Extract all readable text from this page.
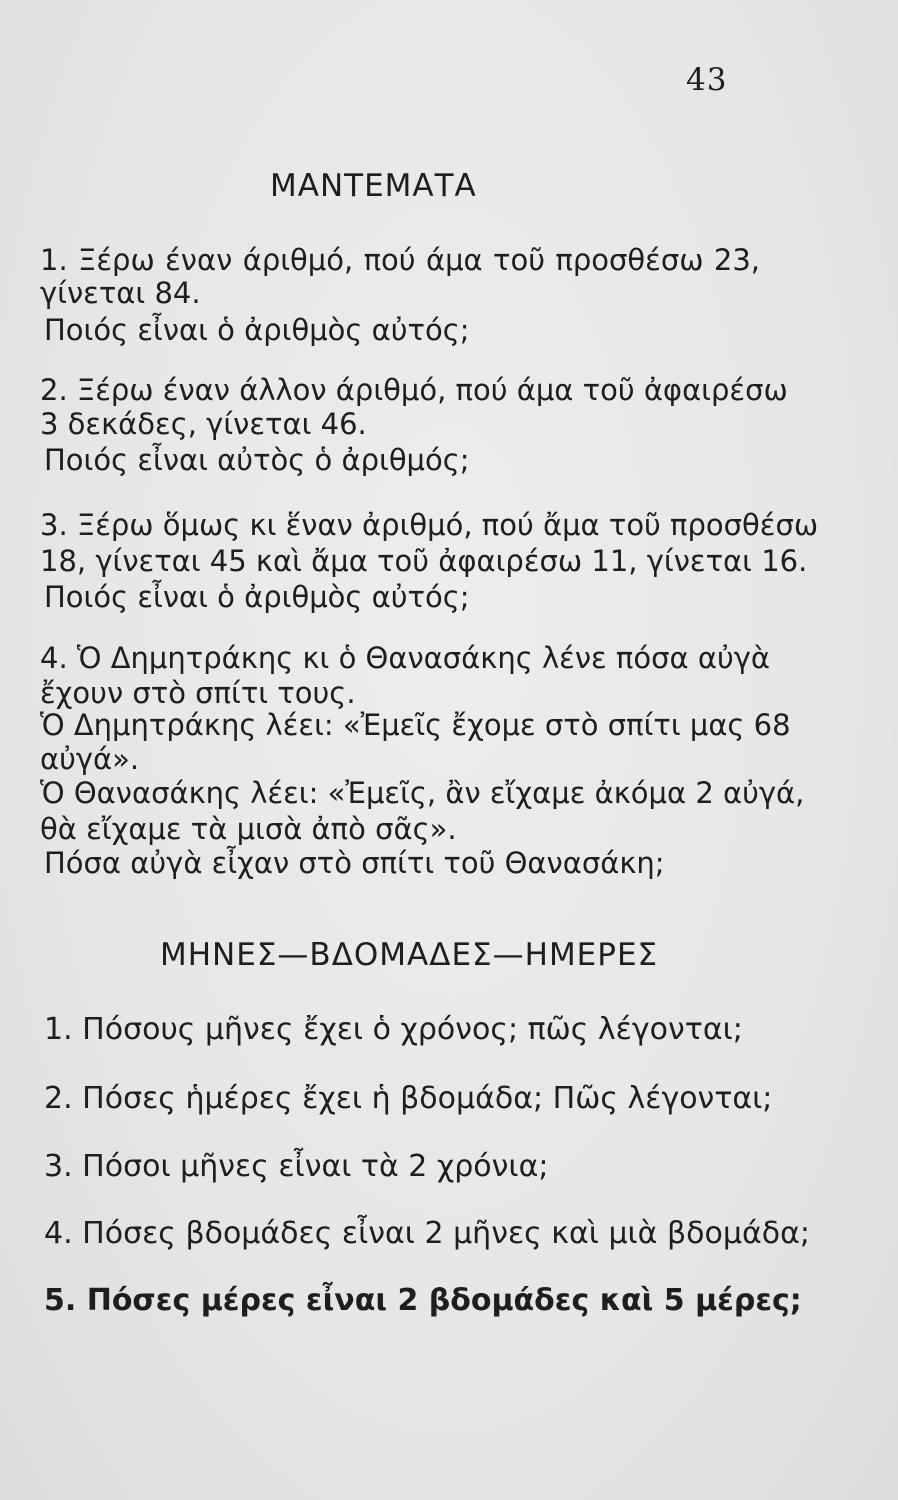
43
ΜΑΝΤΕΜΑΤΑ
1. Ξέρω έναν άριθμό, πού άμα τοῦ προσθέσω 23,
γίνεται 84.
Ποιός εἶναι ὁ ἀριθμὸς αὐτός;
2. Ξέρω έναν άλλον άριθμό, πού άμα τοῦ ἀφαιρέσω
3 δεκάδες, γίνεται 46.
Ποιός εἶναι αὐτὸς ὁ ἀριθμός;
3. Ξέρω ὅμως κι ἕναν ἀριθμό, πού ἄμα τοῦ προσθέσω
18, γίνεται 45 καὶ ἄμα τοῦ ἀφαιρέσω 11, γίνεται 16.
Ποιός εἶναι ὁ ἀριθμὸς αὐτός;
4. Ὁ Δημητράκης κι ὁ Θανασάκης λένε πόσα αὐγὰ
ἔχουν στὸ σπίτι τους.
Ὁ Δημητράκης λέει: «Ἐμεῖς ἔχομε στὸ σπίτι μας 68
αὐγά».
Ὁ Θανασάκης λέει: «Ἐμεῖς, ἂν εἴχαμε ἀκόμα 2 αὐγά,
θὰ εἴχαμε τὰ μισὰ ἀπὸ σᾶς».
Πόσα αὐγὰ εἶχαν στὸ σπίτι τοῦ Θανασάκη;
ΜΗΝΕΣ—ΒΔΟΜΑΔΕΣ—ΗΜΕΡΕΣ
1. Πόσους μῆνες ἔχει ὁ χρόνος; πῶς λέγονται;
2. Πόσες ἡμέρες ἔχει ἡ βδομάδα; Πῶς λέγονται;
3. Πόσοι μῆνες εἶναι τὰ 2 χρόνια;
4. Πόσες βδομάδες εἶναι 2 μῆνες καὶ μιὰ βδομάδα;
5. Πόσες μέρες εἶναι 2 βδομάδες καὶ 5 μέρες;
